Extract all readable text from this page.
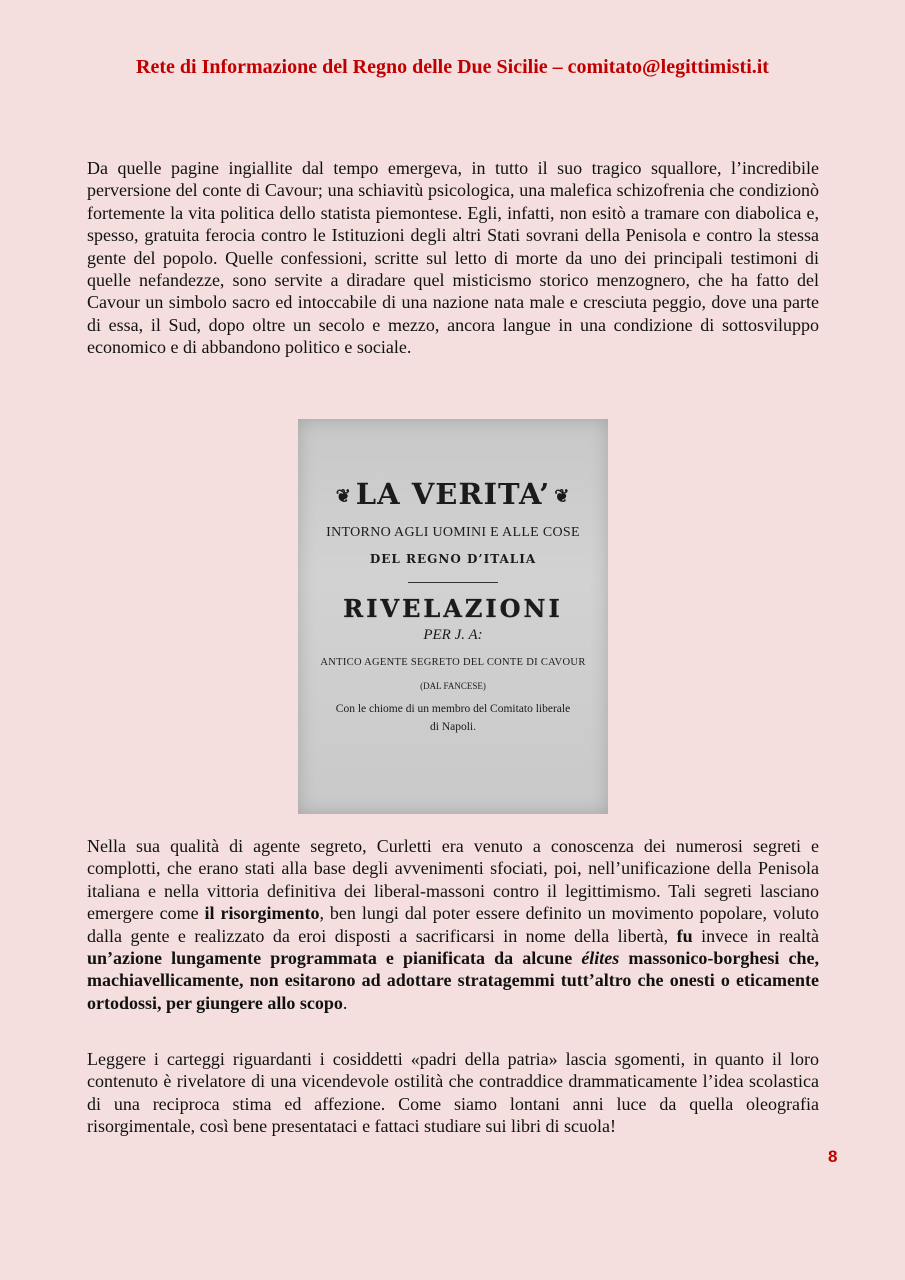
Rete di Informazione del Regno delle Due Sicilie – comitato@legittimisti.it

Da quelle pagine ingiallite dal tempo emergeva, in tutto il suo tragico squallore, l’incredibile perversione del conte di Cavour; una schiavitù psicologica, una malefica schizofrenia che condizionò fortemente la vita politica dello statista piemontese. Egli, infatti, non esitò a tramare con diabolica e, spesso, gratuita ferocia contro le Istituzioni degli altri Stati sovrani della Penisola e contro la stessa gente del popolo. Quelle confessioni, scritte sul letto di morte da uno dei principali testimoni di quelle nefandezze, sono servite a diradare quel misticismo storico menzognero, che ha fatto del Cavour un simbolo sacro ed intoccabile di una nazione nata male e cresciuta peggio, dove una parte di essa, il Sud, dopo oltre un secolo e mezzo, ancora langue in una condizione di sottosviluppo economico e di abbandono politico e sociale.

❦ LA VERITA’ ❦
INTORNO AGLI UOMINI E ALLE COSE
DEL REGNO D’ITALIA
RIVELAZIONI
PER J. A:
ANTICO AGENTE SEGRETO DEL CONTE DI CAVOUR
(DAL FANCESE)
Con le chiome di un membro del Comitato liberale
di Napoli.

Nella sua qualità di agente segreto, Curletti era venuto a conoscenza dei numerosi segreti e complotti, che erano stati alla base degli avvenimenti sfociati, poi, nell’unificazione della Penisola italiana e nella vittoria definitiva dei liberal-massoni contro il legittimismo. Tali segreti lasciano emergere come il risorgimento, ben lungi dal poter essere definito un movimento popolare, voluto dalla gente e realizzato da eroi disposti a sacrificarsi in nome della libertà, fu invece in realtà un’azione lungamente programmata e pianificata da alcune élites massonico-borghesi che, machiavellicamente, non esitarono ad adottare stratagemmi tutt’altro che onesti o eticamente ortodossi, per giungere allo scopo.

Leggere i carteggi riguardanti i cosiddetti «padri della patria» lascia sgomenti, in quanto il loro contenuto è rivelatore di una vicendevole ostilità che contraddice drammaticamente l’idea scolastica di una reciproca stima ed affezione. Come siamo lontani anni luce da quella oleografia risorgimentale, così bene presentataci e fattaci studiare sui libri di scuola!

8
